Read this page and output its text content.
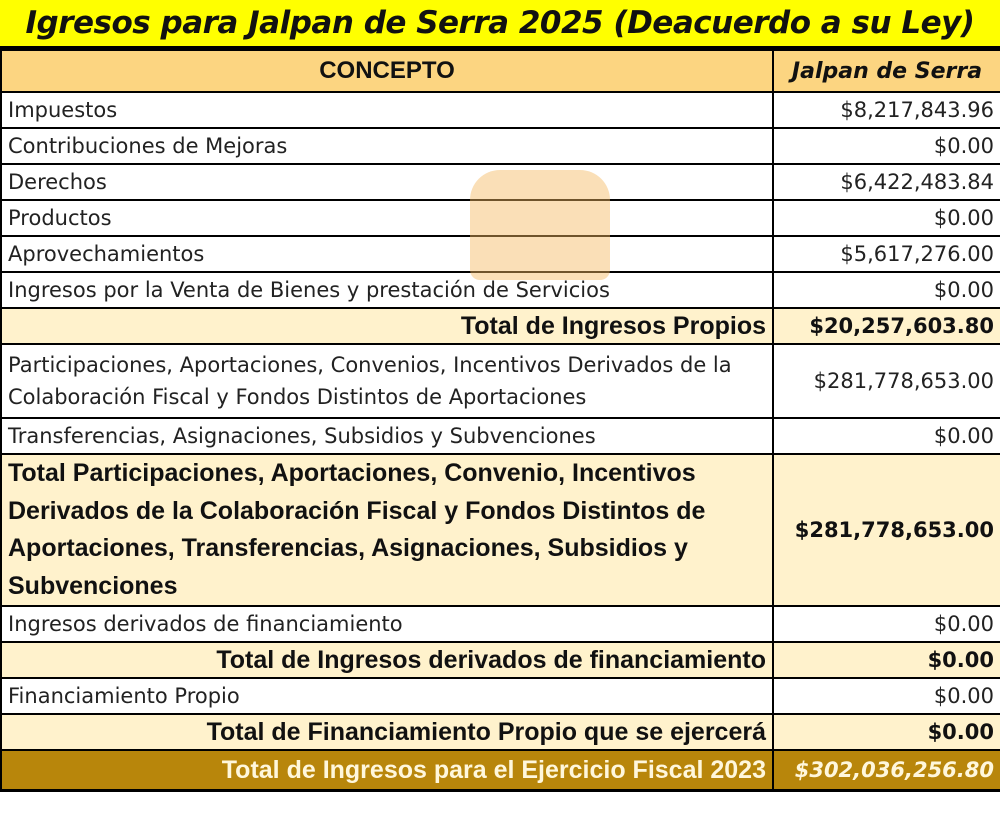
Igresos para Jalpan de Serra 2025 (Deacuerdo a su Ley)
CONCEPTO	Jalpan de Serra
Impuestos	$8,217,843.96
Contribuciones de Mejoras	$0.00
Derechos	$6,422,483.84
Productos	$0.00
Aprovechamientos	$5,617,276.00
Ingresos por la Venta de Bienes y prestación de Servicios	$0.00
Total de Ingresos Propios	$20,257,603.80
Participaciones, Aportaciones, Convenios, Incentivos Derivados de la Colaboración Fiscal y Fondos Distintos de Aportaciones	$281,778,653.00
Transferencias, Asignaciones, Subsidios y Subvenciones	$0.00
Total Participaciones, Aportaciones, Convenio, Incentivos Derivados de la Colaboración Fiscal y Fondos Distintos de Aportaciones, Transferencias, Asignaciones, Subsidios y Subvenciones	$281,778,653.00
Ingresos derivados de financiamiento	$0.00
Total de Ingresos derivados de financiamiento	$0.00
Financiamiento Propio	$0.00
Total de Financiamiento Propio que se ejercerá	$0.00
Total de Ingresos para el Ejercicio Fiscal 2023	$302,036,256.80
